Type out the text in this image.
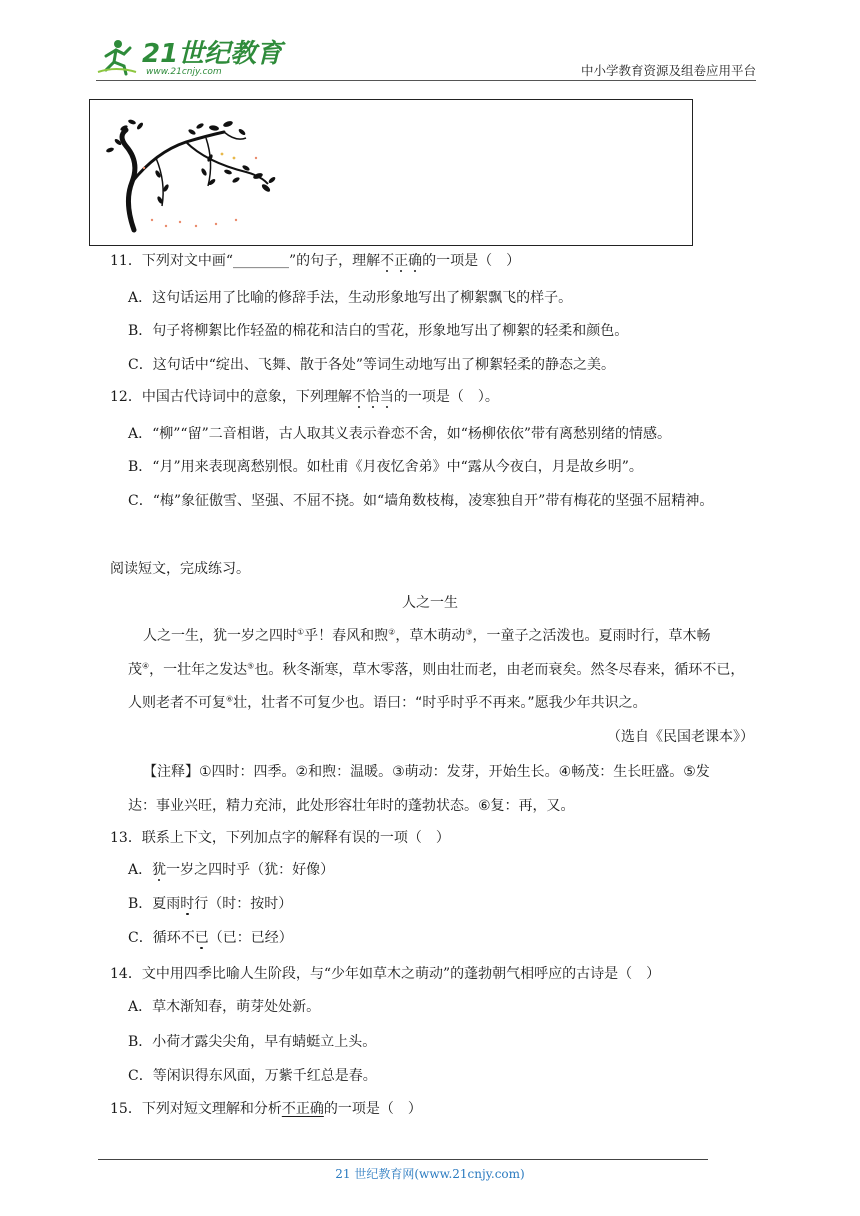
21世纪教育
www.21cnjy.com	中小学教育资源及组卷应用平台
11．下列对文中画“________”的句子，理解不正确的一项是（　）
A．这句话运用了比喻的修辞手法，生动形象地写出了柳絮飘飞的样子。
B．句子将柳絮比作轻盈的棉花和洁白的雪花，形象地写出了柳絮的轻柔和颜色。
C．这句话中“绽出、飞舞、散于各处”等词生动地写出了柳絮轻柔的静态之美。
12．中国古代诗词中的意象，下列理解不恰当的一项是（　）。
A．“柳”“留”二音相谐，古人取其义表示眷恋不舍，如“杨柳依依”带有离愁别绪的情感。
B．“月”用来表现离愁别恨。如杜甫《月夜忆舍弟》中“露从今夜白，月是故乡明”。
C．“梅”象征傲雪、坚强、不屈不挠。如“墙角数枝梅，凌寒独自开”带有梅花的坚强不屈精神。
阅读短文，完成练习。
人之一生
人之一生，犹一岁之四时①乎！春风和煦②，草木萌动③，一童子之活泼也。夏雨时行，草木畅
茂④，一壮年之发达⑤也。秋冬渐寒，草木零落，则由壮而老，由老而衰矣。然冬尽春来，循环不已，
人则老者不可复⑥壮，壮者不可复少也。语曰：“时乎时乎不再来。”愿我少年共识之。
（选自《民国老课本》）
【注释】①四时：四季。②和煦：温暖。③萌动：发芽，开始生长。④畅茂：生长旺盛。⑤发
达：事业兴旺，精力充沛，此处形容壮年时的蓬勃状态。⑥复：再，又。
13．联系上下文，下列加点字的解释有误的一项（　）
A．犹一岁之四时乎（犹：好像）
B．夏雨时行（时：按时）
C．循环不已（已：已经）
14．文中用四季比喻人生阶段，与“少年如草木之萌动”的蓬勃朝气相呼应的古诗是（　）
A．草木渐知春，萌芽处处新。
B．小荷才露尖尖角，早有蜻蜓立上头。
C．等闲识得东风面，万紫千红总是春。
15．下列对短文理解和分析不正确的一项是（　）
21 世纪教育网(www.21cnjy.com)
